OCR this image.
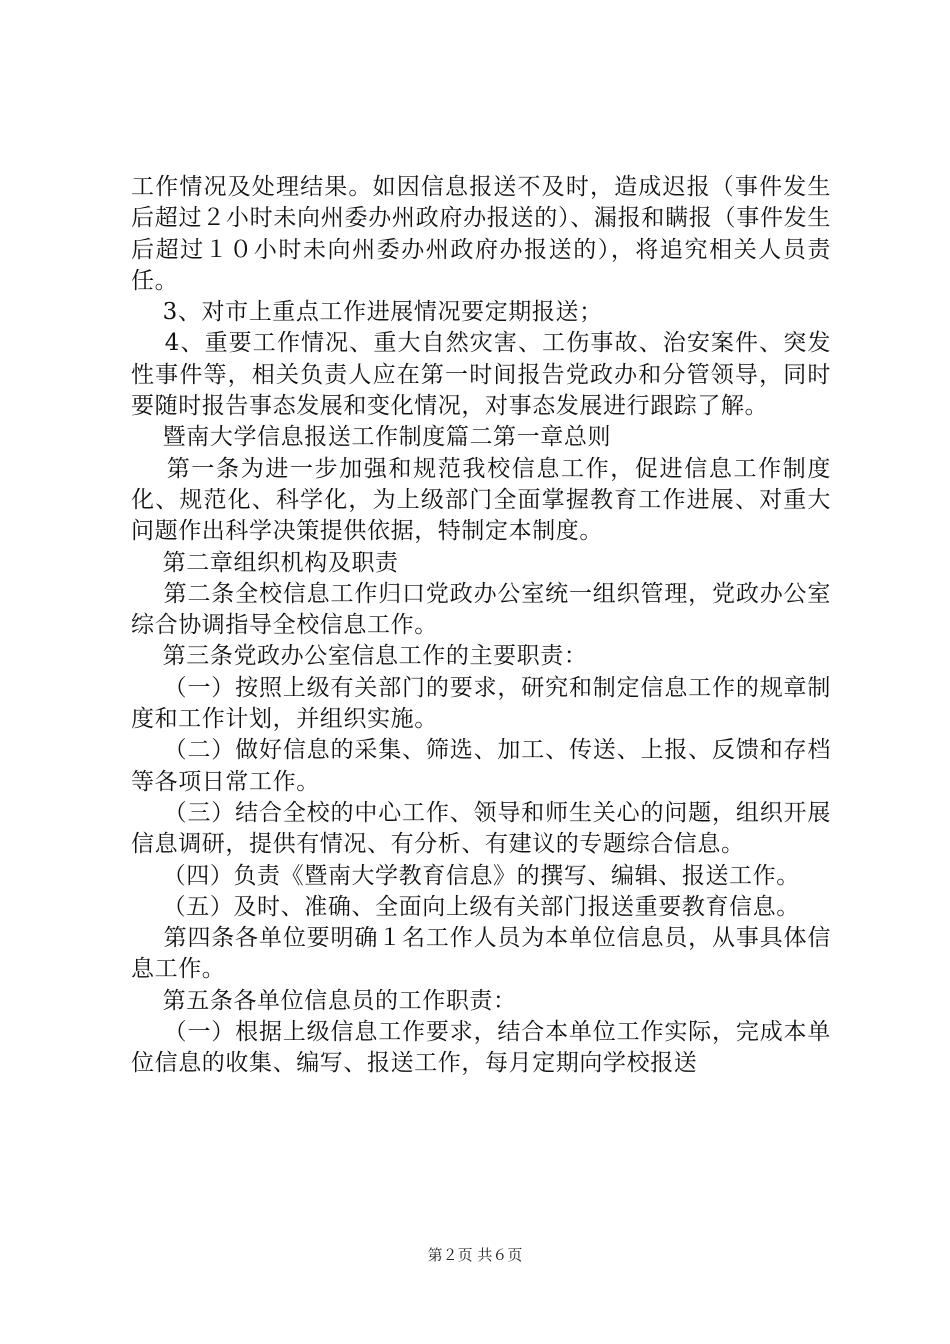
工作情况及处理结果。如因信息报送不及时，造成迟报（事件发生后超过２小时未向州委办州政府办报送的）、漏报和瞒报（事件发生后超过１０小时未向州委办州政府办报送的），将追究相关人员责任。

3、对市上重点工作进展情况要定期报送；

4、重要工作情况、重大自然灾害、工伤事故、治安案件、突发性事件等，相关负责人应在第一时间报告党政办和分管领导，同时要随时报告事态发展和变化情况，对事态发展进行跟踪了解。

暨南大学信息报送工作制度篇二第一章总则

第一条为进一步加强和规范我校信息工作，促进信息工作制度化、规范化、科学化，为上级部门全面掌握教育工作进展、对重大问题作出科学决策提供依据，特制定本制度。

第二章组织机构及职责

第二条全校信息工作归口党政办公室统一组织管理，党政办公室综合协调指导全校信息工作。

第三条党政办公室信息工作的主要职责：

（一）按照上级有关部门的要求，研究和制定信息工作的规章制度和工作计划，并组织实施。

（二）做好信息的采集、筛选、加工、传送、上报、反馈和存档等各项日常工作。

（三）结合全校的中心工作、领导和师生关心的问题，组织开展信息调研，提供有情况、有分析、有建议的专题综合信息。

（四）负责《暨南大学教育信息》的撰写、编辑、报送工作。

（五）及时、准确、全面向上级有关部门报送重要教育信息。

第四条各单位要明确１名工作人员为本单位信息员，从事具体信息工作。

第五条各单位信息员的工作职责：

（一）根据上级信息工作要求，结合本单位工作实际，完成本单位信息的收集、编写、报送工作，每月定期向学校报送

第２页 共６页
